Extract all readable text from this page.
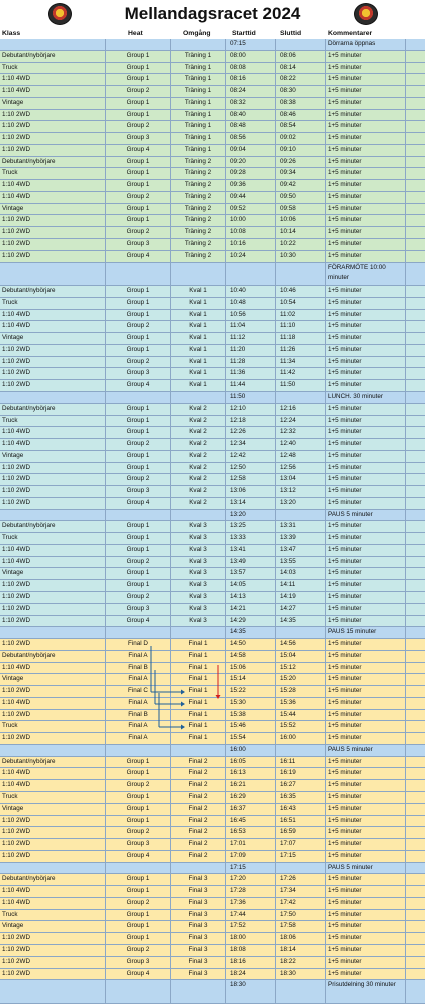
Mellandagsracet 2024
Klass	Heat	Omgång	Starttid	Sluttid	Kommentarer
07:15	Dörrarna öppnas
Debutant/nybörjare	Group 1	Träning 1	08:00	08:06	1+5 minuter
Truck	Group 1	Träning 1	08:08	08:14	1+5 minuter
1:10 4WD	Group 1	Träning 1	08:16	08:22	1+5 minuter
1:10 4WD	Group 2	Träning 1	08:24	08:30	1+5 minuter
Vintage	Group 1	Träning 1	08:32	08:38	1+5 minuter
1:10 2WD	Group 1	Träning 1	08:40	08:46	1+5 minuter
1:10 2WD	Group 2	Träning 1	08:48	08:54	1+5 minuter
1:10 2WD	Group 3	Träning 1	08:56	09:02	1+5 minuter
1:10 2WD	Group 4	Träning 1	09:04	09:10	1+5 minuter
Debutant/nybörjare	Group 1	Träning 2	09:20	09:26	1+5 minuter
Truck	Group 1	Träning 2	09:28	09:34	1+5 minuter
1:10 4WD	Group 1	Träning 2	09:36	09:42	1+5 minuter
1:10 4WD	Group 2	Träning 2	09:44	09:50	1+5 minuter
Vintage	Group 1	Träning 2	09:52	09:58	1+5 minuter
1:10 2WD	Group 1	Träning 2	10:00	10:06	1+5 minuter
1:10 2WD	Group 2	Träning 2	10:08	10:14	1+5 minuter
1:10 2WD	Group 3	Träning 2	10:16	10:22	1+5 minuter
1:10 2WD	Group 4	Träning 2	10:24	10:30	1+5 minuter
FÖRARMÖTE 10:00 minuter
Debutant/nybörjare	Group 1	Kval 1	10:40	10:46	1+5 minuter
Truck	Group 1	Kval 1	10:48	10:54	1+5 minuter
1:10 4WD	Group 1	Kval 1	10:56	11:02	1+5 minuter
1:10 4WD	Group 2	Kval 1	11:04	11:10	1+5 minuter
Vintage	Group 1	Kval 1	11:12	11:18	1+5 minuter
1:10 2WD	Group 1	Kval 1	11:20	11:26	1+5 minuter
1:10 2WD	Group 2	Kval 1	11:28	11:34	1+5 minuter
1:10 2WD	Group 3	Kval 1	11:36	11:42	1+5 minuter
1:10 2WD	Group 4	Kval 1	11:44	11:50	1+5 minuter
11:50	LUNCH. 30 minuter
Debutant/nybörjare	Group 1	Kval 2	12:10	12:16	1+5 minuter
Truck	Group 1	Kval 2	12:18	12:24	1+5 minuter
1:10 4WD	Group 1	Kval 2	12:26	12:32	1+5 minuter
1:10 4WD	Group 2	Kval 2	12:34	12:40	1+5 minuter
Vintage	Group 1	Kval 2	12:42	12:48	1+5 minuter
1:10 2WD	Group 1	Kval 2	12:50	12:56	1+5 minuter
1:10 2WD	Group 2	Kval 2	12:58	13:04	1+5 minuter
1:10 2WD	Group 3	Kval 2	13:06	13:12	1+5 minuter
1:10 2WD	Group 4	Kval 2	13:14	13:20	1+5 minuter
13:20	PAUS 5 minuter
Debutant/nybörjare	Group 1	Kval 3	13:25	13:31	1+5 minuter
Truck	Group 1	Kval 3	13:33	13:39	1+5 minuter
1:10 4WD	Group 1	Kval 3	13:41	13:47	1+5 minuter
1:10 4WD	Group 2	Kval 3	13:49	13:55	1+5 minuter
Vintage	Group 1	Kval 3	13:57	14:03	1+5 minuter
1:10 2WD	Group 1	Kval 3	14:05	14:11	1+5 minuter
1:10 2WD	Group 2	Kval 3	14:13	14:19	1+5 minuter
1:10 2WD	Group 3	Kval 3	14:21	14:27	1+5 minuter
1:10 2WD	Group 4	Kval 3	14:29	14:35	1+5 minuter
14:35	PAUS 15 minuter
1:10 2WD	Final D	Final 1	14:50	14:56	1+5 minuter
Debutant/nybörjare	Final A	Final 1	14:58	15:04	1+5 minuter
1:10 4WD	Final B	Final 1	15:06	15:12	1+5 minuter
Vintage	Final A	Final 1	15:14	15:20	1+5 minuter
1:10 2WD	Final C	Final 1	15:22	15:28	1+5 minuter
1:10 4WD	Final A	Final 1	15:30	15:36	1+5 minuter
1:10 2WD	Final B	Final 1	15:38	15:44	1+5 minuter
Truck	Final A	Final 1	15:46	15:52	1+5 minuter
1:10 2WD	Final A	Final 1	15:54	16:00	1+5 minuter
16:00	PAUS 5 minuter
Debutant/nybörjare	Group 1	Final 2	16:05	16:11	1+5 minuter
1:10 4WD	Group 1	Final 2	16:13	16:19	1+5 minuter
1:10 4WD	Group 2	Final 2	16:21	16:27	1+5 minuter
Truck	Group 1	Final 2	16:29	16:35	1+5 minuter
Vintage	Group 1	Final 2	16:37	16:43	1+5 minuter
1:10 2WD	Group 1	Final 2	16:45	16:51	1+5 minuter
1:10 2WD	Group 2	Final 2	16:53	16:59	1+5 minuter
1:10 2WD	Group 3	Final 2	17:01	17:07	1+5 minuter
1:10 2WD	Group 4	Final 2	17:09	17:15	1+5 minuter
17:15	PAUS 5 minuter
Debutant/nybörjare	Group 1	Final 3	17:20	17:26	1+5 minuter
1:10 4WD	Group 1	Final 3	17:28	17:34	1+5 minuter
1:10 4WD	Group 2	Final 3	17:36	17:42	1+5 minuter
Truck	Group 1	Final 3	17:44	17:50	1+5 minuter
Vintage	Group 1	Final 3	17:52	17:58	1+5 minuter
1:10 2WD	Group 1	Final 3	18:00	18:06	1+5 minuter
1:10 2WD	Group 2	Final 3	18:08	18:14	1+5 minuter
1:10 2WD	Group 3	Final 3	18:16	18:22	1+5 minuter
1:10 2WD	Group 4	Final 3	18:24	18:30	1+5 minuter
18:30	Prisutdelning 30 minuter
